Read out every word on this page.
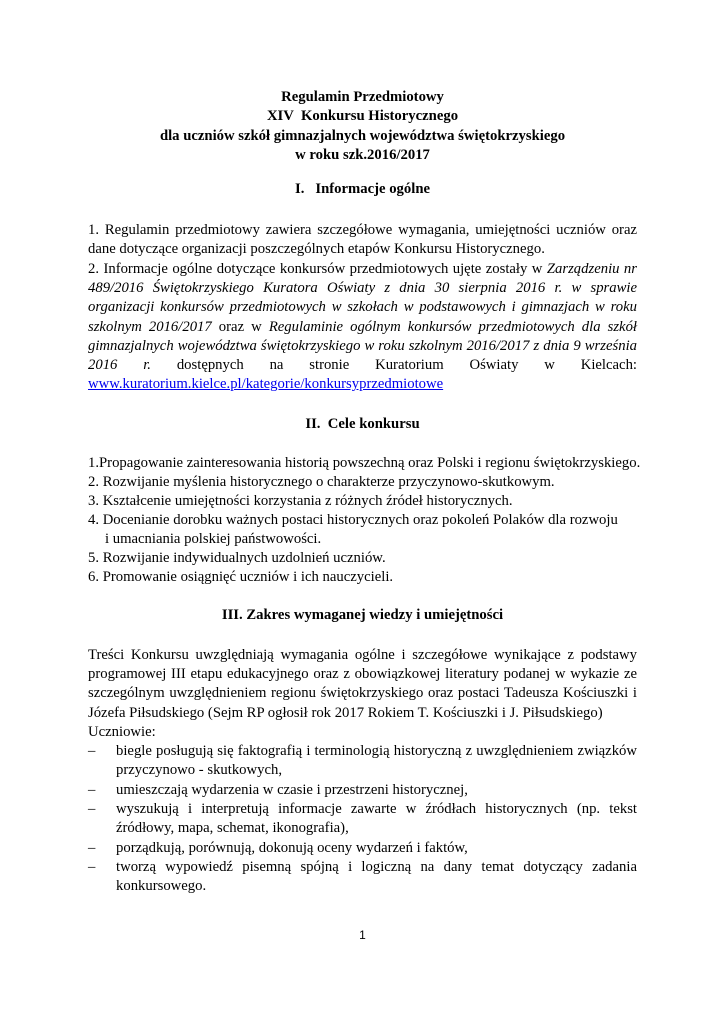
Regulamin Przedmiotowy
XIV  Konkursu Historycznego
dla uczniów szkół gimnazjalnych województwa świętokrzyskiego
w roku szk.2016/2017
I.   Informacje ogólne
1. Regulamin przedmiotowy zawiera szczegółowe wymagania, umiejętności uczniów oraz dane dotyczące organizacji poszczególnych etapów Konkursu Historycznego.
2. Informacje ogólne dotyczące konkursów przedmiotowych ujęte zostały w Zarządzeniu nr 489/2016 Świętokrzyskiego Kuratora Oświaty z dnia 30 sierpnia 2016 r. w sprawie organizacji konkursów przedmiotowych w szkołach w podstawowych i gimnazjach w roku szkolnym 2016/2017 oraz w Regulaminie ogólnym konkursów przedmiotowych dla szkół gimnazjalnych województwa świętokrzyskiego w roku szkolnym 2016/2017 z dnia 9 września 2016 r. dostępnych na stronie Kuratorium Oświaty w Kielcach: www.kuratorium.kielce.pl/kategorie/konkursyprzedmiotowe
II.  Cele konkursu
1.Propagowanie zainteresowania historią powszechną oraz Polski i regionu świętokrzyskiego.
2. Rozwijanie myślenia historycznego o charakterze przyczynowo-skutkowym.
3. Kształcenie umiejętności korzystania z różnych źródeł historycznych.
4. Docenianie dorobku ważnych postaci historycznych oraz pokoleń Polaków dla rozwoju
i umacniania polskiej państwowości.
5. Rozwijanie indywidualnych uzdolnień uczniów.
6. Promowanie osiągnięć uczniów i ich nauczycieli.
III. Zakres wymaganej wiedzy i umiejętności
Treści Konkursu uwzględniają wymagania ogólne i szczegółowe wynikające z podstawy programowej III etapu edukacyjnego oraz z obowiązkowej literatury podanej w wykazie ze szczególnym uwzględnieniem regionu świętokrzyskiego oraz postaci Tadeusza Kościuszki i Józefa Piłsudskiego (Sejm RP ogłosił rok 2017 Rokiem T. Kościuszki i J. Piłsudskiego)
Uczniowie:
–	biegle posługują się faktografią i terminologią historyczną z uwzględnieniem związków przyczynowo - skutkowych,
–	umieszczają wydarzenia w czasie i przestrzeni historycznej,
–	wyszukują i interpretują informacje zawarte w źródłach historycznych (np. tekst źródłowy, mapa, schemat, ikonografia),
–	porządkują, porównują, dokonują oceny wydarzeń i faktów,
–	tworzą wypowiedź pisemną spójną i logiczną na dany temat dotyczący zadania konkursowego.
1
